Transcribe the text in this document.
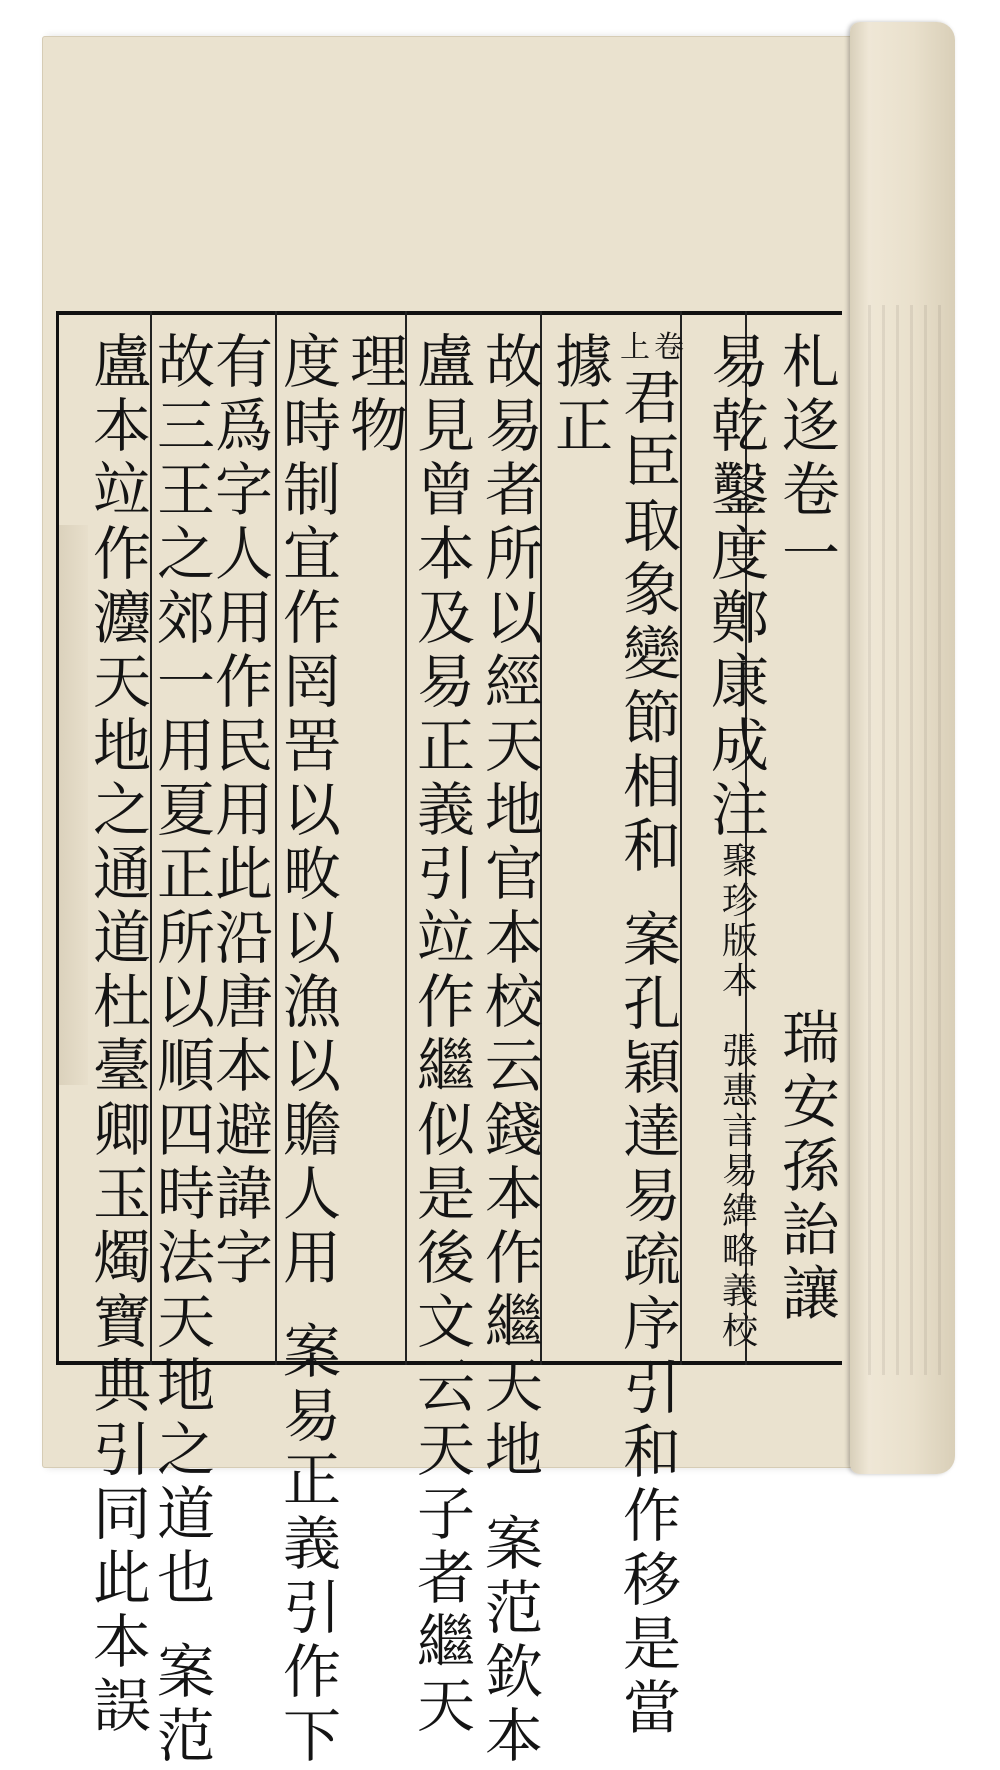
札
迻
卷
一
瑞
安
孫
詒
讓
易
乾
鑿
度
鄭
康
成
注
聚
珍
版
本
張
惠
言
易
緯
略
義
校
卷
上
君
臣
取
象
變
節
相
和
案
孔
穎
達
易
疏
序
引
和
作
移
是
當
據
正
故
易
者
所
以
經
天
地
官
本
校
云
錢
本
作
繼
天
地
案
范
欽
本
盧
見
曾
本
及
易
正
義
引
竝
作
繼
似
是
後
文
云
天
子
者
繼
天
理
物
度
時
制
宜
作
罔
罟
以
畋
以
漁
以
贍
人
用
案
易
正
義
引
作
下
有
爲
字
人
用
作
民
用
此
沿
唐
本
避
諱
字
故
三
王
之
郊
一
用
夏
正
所
以
順
四
時
法
天
地
之
道
也
案
范
盧
本
竝
作
灋
天
地
之
通
道
杜
臺
卿
玉
燭
寶
典
引
同
此
本
誤
